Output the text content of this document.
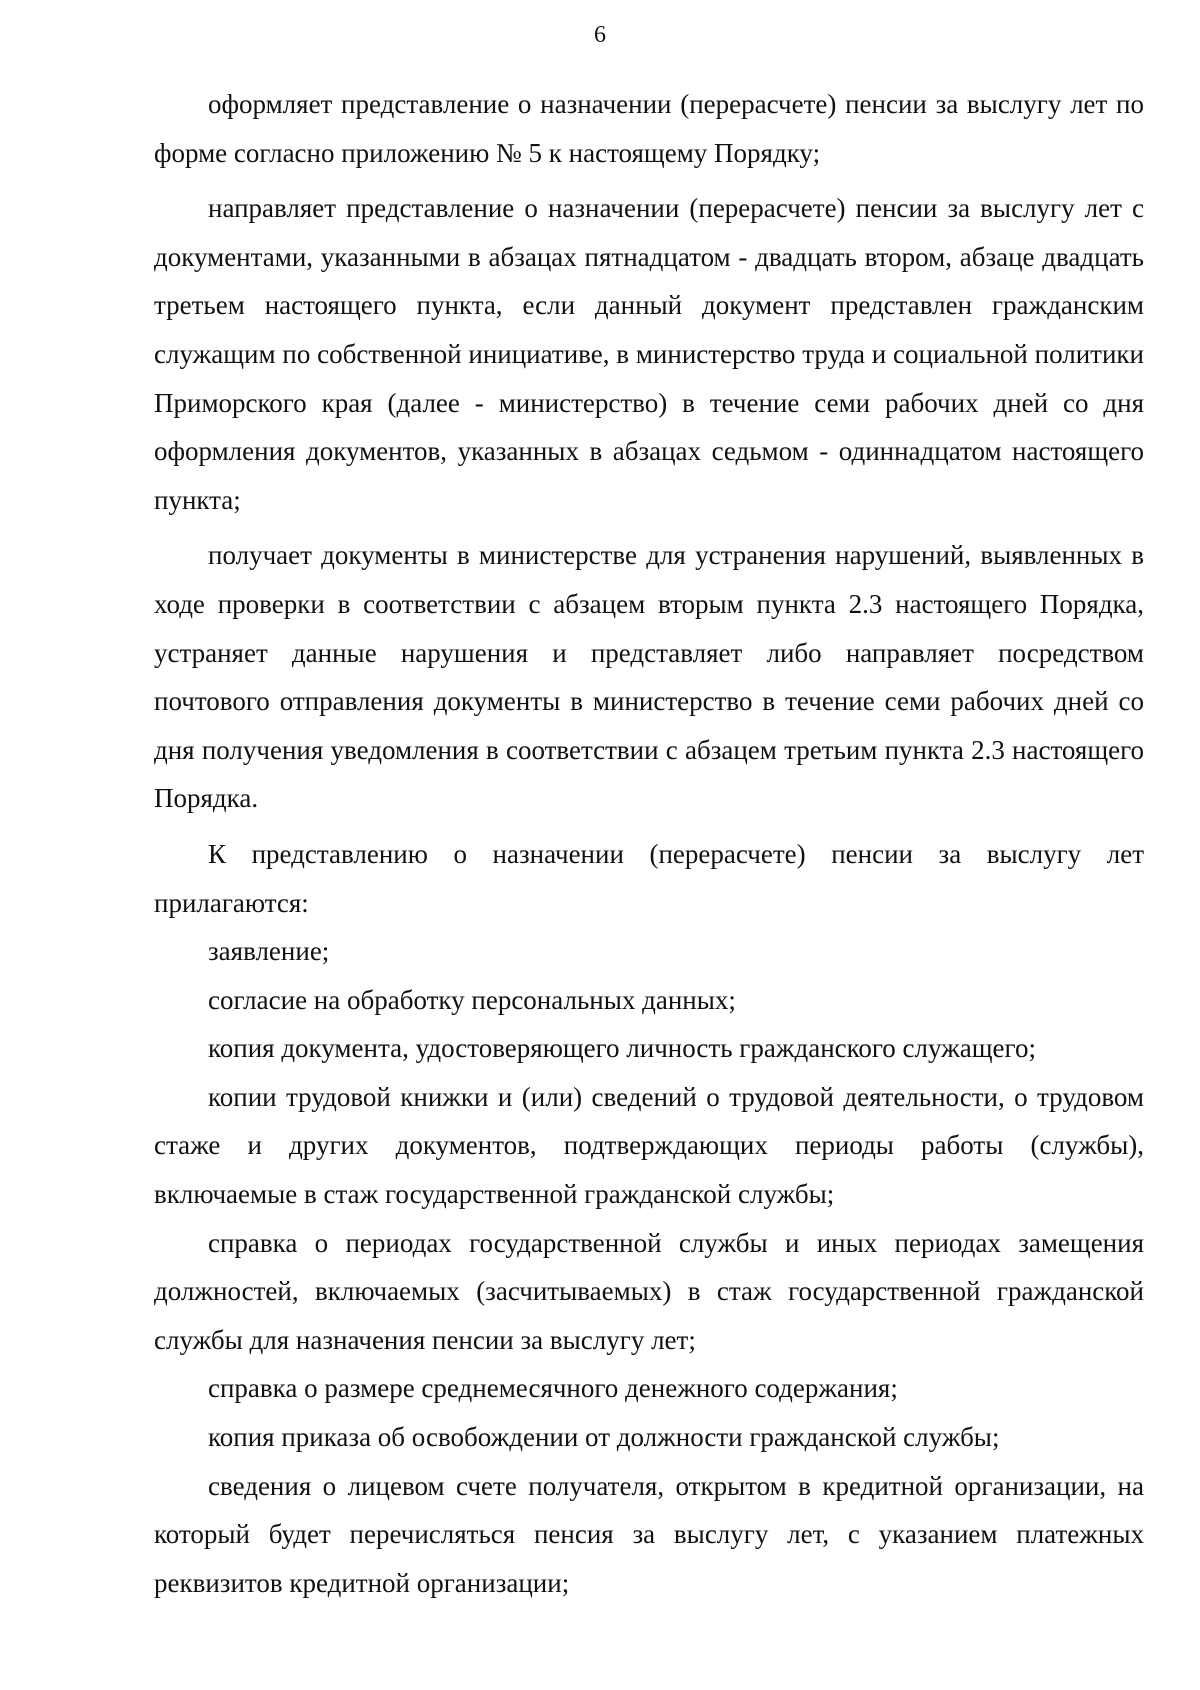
6

оформляет представление о назначении (перерасчете) пенсии за выслугу лет по форме согласно приложению № 5 к настоящему Порядку;

направляет представление о назначении (перерасчете) пенсии за выслугу лет с документами, указанными в абзацах пятнадцатом - двадцать втором, абзаце двадцать третьем настоящего пункта, если данный документ представлен гражданским служащим по собственной инициативе, в министерство труда и социальной политики Приморского края (далее - министерство) в течение семи рабочих дней со дня оформления документов, указанных в абзацах седьмом - одиннадцатом настоящего пункта;

получает документы в министерстве для устранения нарушений, выявленных в ходе проверки в соответствии с абзацем вторым пункта 2.3 настоящего Порядка, устраняет данные нарушения и представляет либо направляет посредством почтового отправления документы в министерство в течение семи рабочих дней со дня получения уведомления в соответствии с абзацем третьим пункта 2.3 настоящего Порядка.

К представлению о назначении (перерасчете) пенсии за выслугу лет прилагаются:

заявление;

согласие на обработку персональных данных;

копия документа, удостоверяющего личность гражданского служащего;

копии трудовой книжки и (или) сведений о трудовой деятельности, о трудовом стаже и других документов, подтверждающих периоды работы (службы), включаемые в стаж государственной гражданской службы;

справка о периодах государственной службы и иных периодах замещения должностей, включаемых (засчитываемых) в стаж государственной гражданской службы для назначения пенсии за выслугу лет;

справка о размере среднемесячного денежного содержания;

копия приказа об освобождении от должности гражданской службы;

сведения о лицевом счете получателя, открытом в кредитной организации, на который будет перечисляться пенсия за выслугу лет, с указанием платежных реквизитов кредитной организации;
